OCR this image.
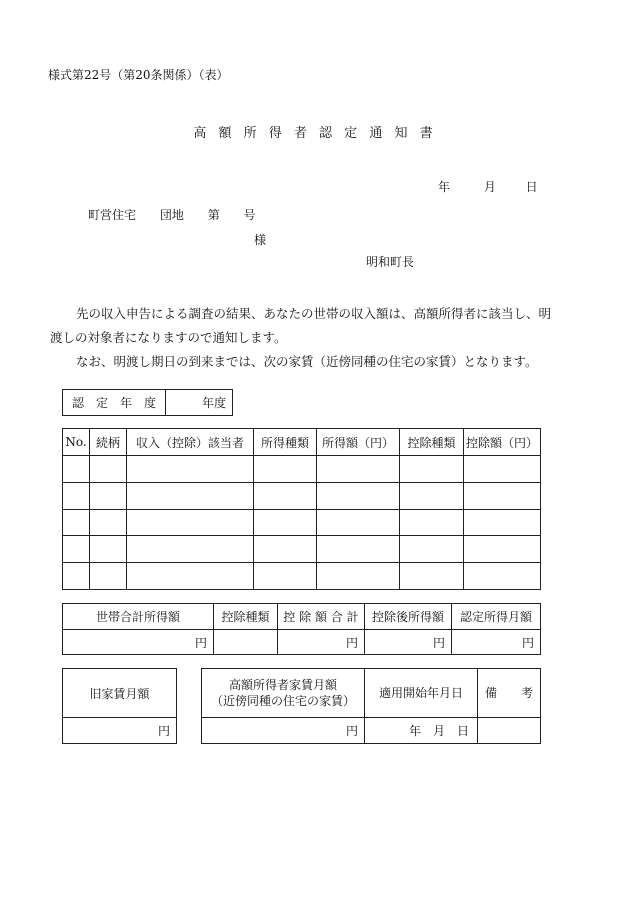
様式第22号（第20条関係）（表）
高 額 所 得 者 認 定 通 知 書
年	月 日
町営住宅 団地 第 号
様
明和町長

先の収入申告による調査の結果、あなたの世帯の収入額は、高額所得者に該当し、明

渡しの対象者になりますので通知します。

なお、明渡し期日の到来までは、次の家賃（近傍同種の住宅の家賃）となります。

認　定　年　度	年度
No.	続柄	収入（控除）該当者	所得種類	所得額（円）	控除種類	控除額（円）

世帯合計所得額	控除種類	控 除 額 合 計	控除後所得額	認定所得月額
円		円	円	円
旧家賃月額
円
高額所得者家賃月額
（近傍同種の住宅の家賃）	適用開始年月日	備　　考
円	年　月　日	
